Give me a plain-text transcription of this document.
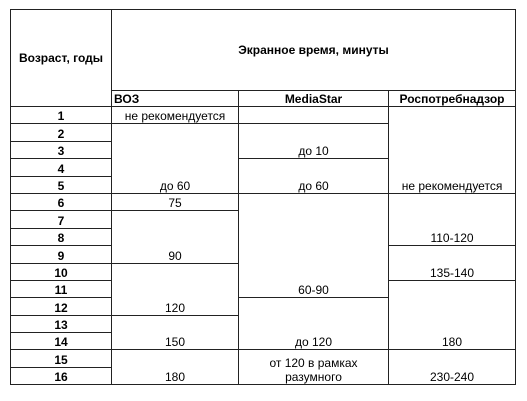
Возраст, годы	Экранное время, минуты		
	ВОЗ	MediaStar	Роспотребнадзор
1	не рекомендуется		не рекомендуется
2	до 60	до 10	
3			
4		до 60	
5			
6	75	60-90	110-120
7	90		
8			
9			135-140
10	120		
11			180
12		до 120	
13	150		
14			
15	180	от 120 в рамках разумного	230-240
16			
